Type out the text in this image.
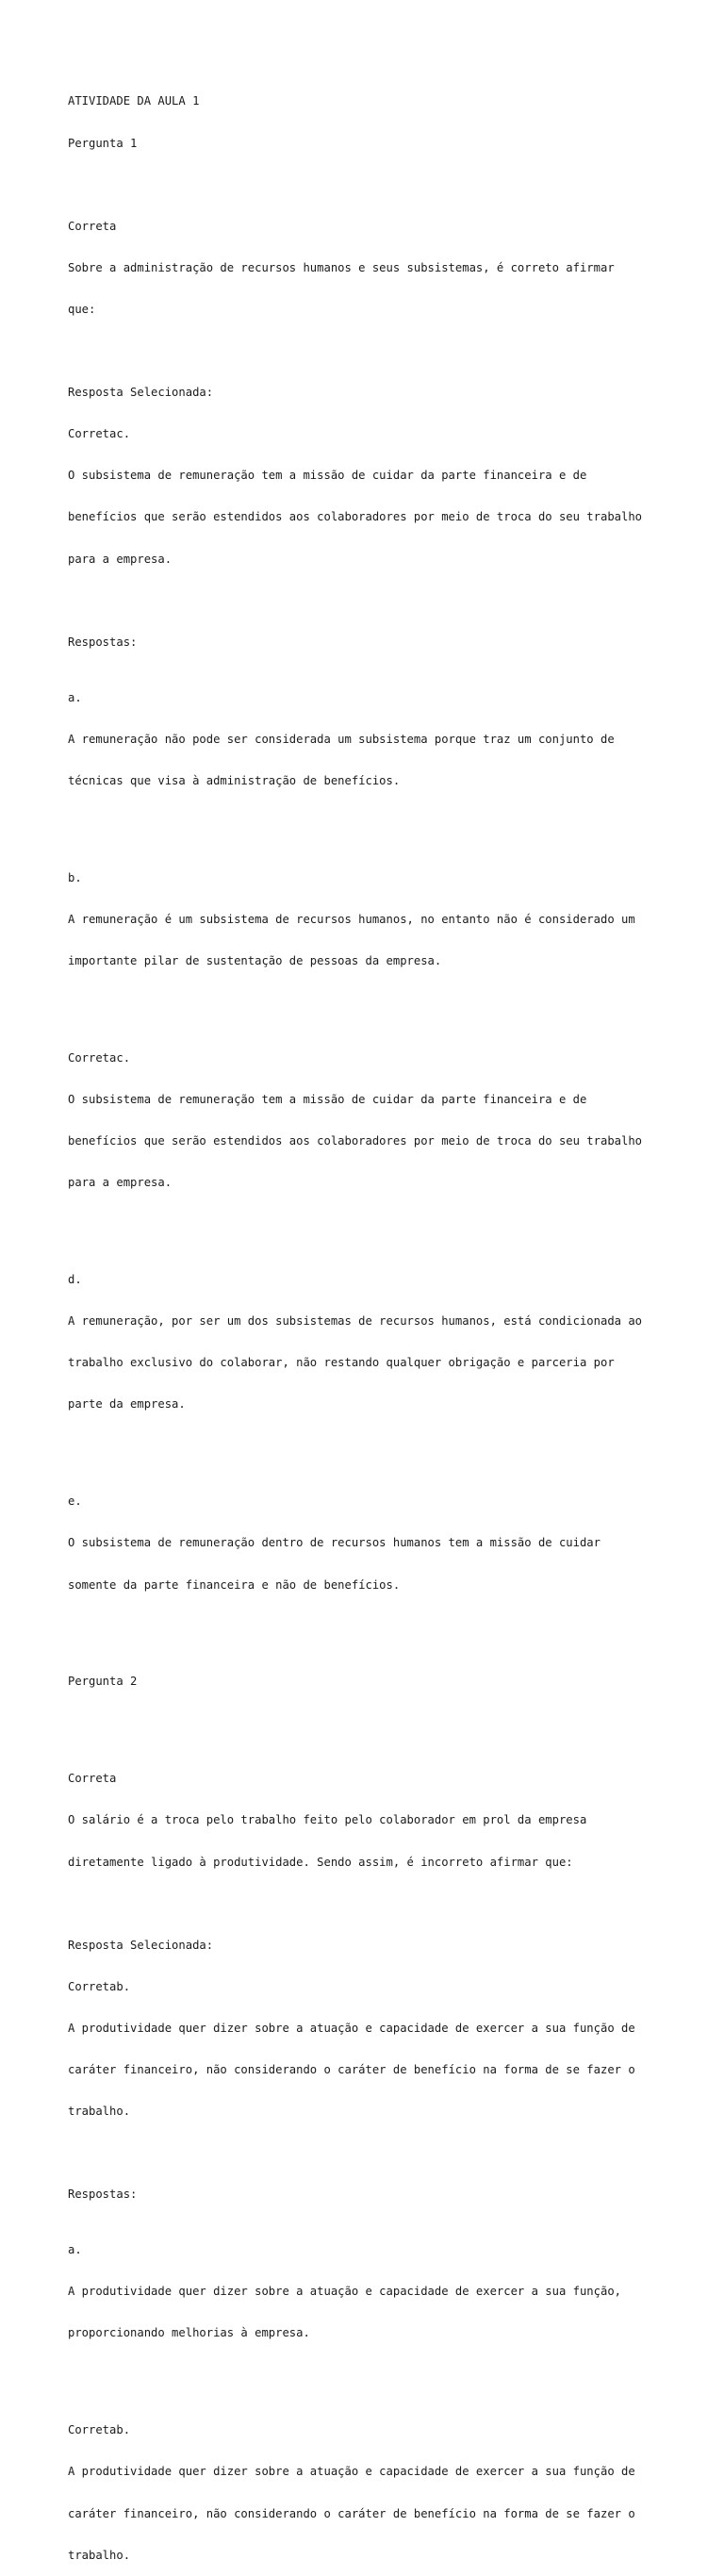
ATIVIDADE DA AULA 1

Pergunta 1

Correta

Sobre a administração de recursos humanos e seus subsistemas, é correto afirmar

que:

Resposta Selecionada:

Corretac.

O subsistema de remuneração tem a missão de cuidar da parte financeira e de

benefícios que serão estendidos aos colaboradores por meio de troca do seu trabalho

para a empresa.

Respostas:

a.

A remuneração não pode ser considerada um subsistema porque traz um conjunto de

técnicas que visa à administração de benefícios.

b.

A remuneração é um subsistema de recursos humanos, no entanto não é considerado um

importante pilar de sustentação de pessoas da empresa.

Corretac.

O subsistema de remuneração tem a missão de cuidar da parte financeira e de

benefícios que serão estendidos aos colaboradores por meio de troca do seu trabalho

para a empresa.

d.

A remuneração, por ser um dos subsistemas de recursos humanos, está condicionada ao

trabalho exclusivo do colaborar, não restando qualquer obrigação e parceria por

parte da empresa.

e.

O subsistema de remuneração dentro de recursos humanos tem a missão de cuidar

somente da parte financeira e não de benefícios.

Pergunta 2

Correta

O salário é a troca pelo trabalho feito pelo colaborador em prol da empresa

diretamente ligado à produtividade. Sendo assim, é incorreto afirmar que:

Resposta Selecionada:

Corretab.

A produtividade quer dizer sobre a atuação e capacidade de exercer a sua função de

caráter financeiro, não considerando o caráter de benefício na forma de se fazer o

trabalho.

Respostas:

a.

A produtividade quer dizer sobre a atuação e capacidade de exercer a sua função,

proporcionando melhorias à empresa.

Corretab.

A produtividade quer dizer sobre a atuação e capacidade de exercer a sua função de

caráter financeiro, não considerando o caráter de benefício na forma de se fazer o

trabalho.
